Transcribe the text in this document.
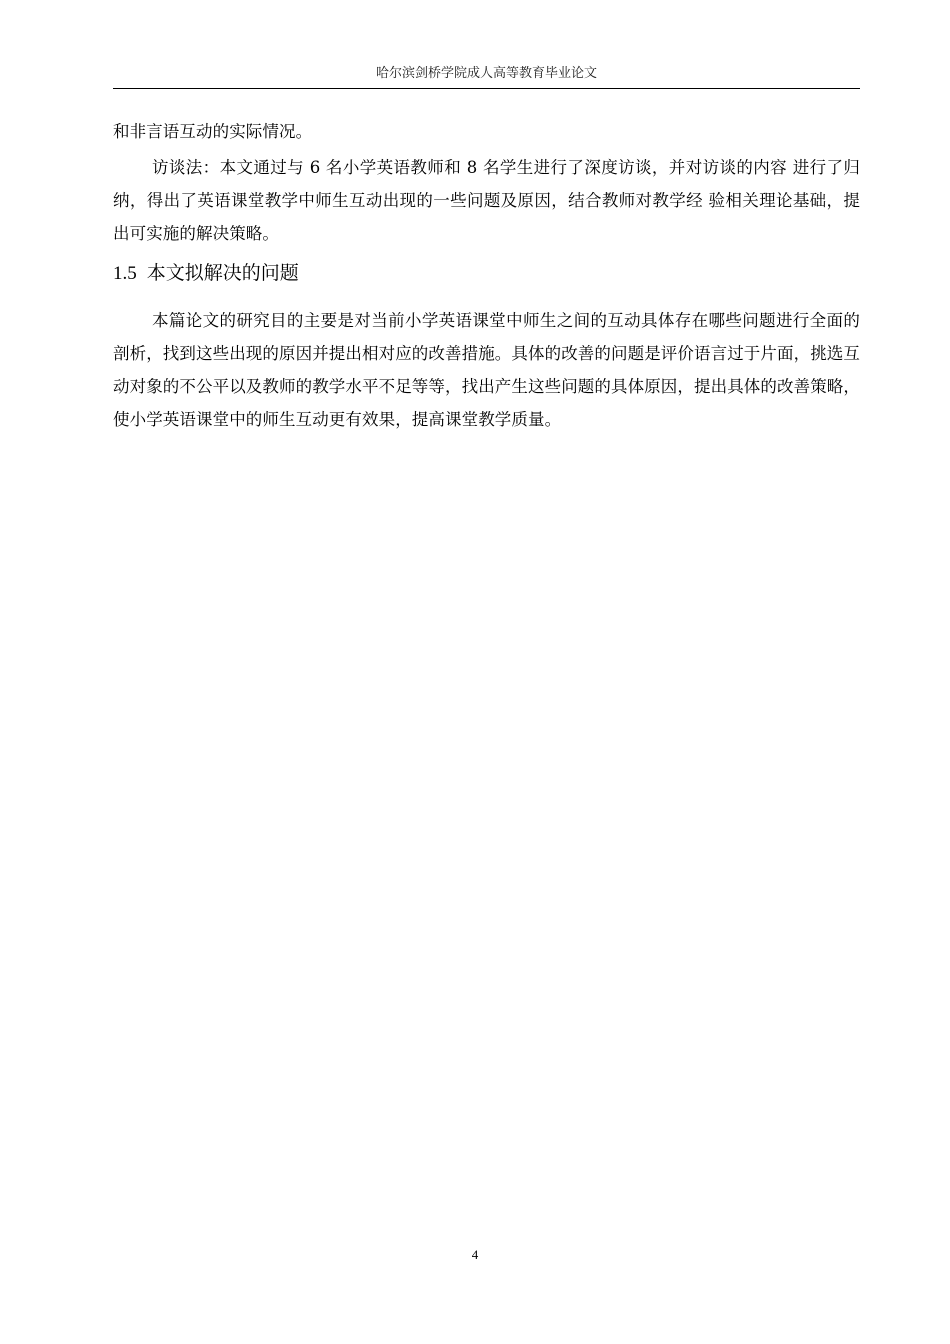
哈尔滨剑桥学院成人高等教育毕业论文

和非言语互动的实际情况。

访谈法：本文通过与 6 名小学英语教师和 8 名学生进行了深度访谈，并对访谈的内容 进行了归纳，得出了英语课堂教学中师生互动出现的一些问题及原因，结合教师对教学经 验相关理论基础，提出可实施的解决策略。

1.5 本文拟解决的问题

本篇论文的研究目的主要是对当前小学英语课堂中师生之间的互动具体存在哪些问题进行全面的剖析，找到这些出现的原因并提出相对应的改善措施。具体的改善的问题是评价语言过于片面，挑选互动对象的不公平以及教师的教学水平不足等等，找出产生这些问题的具体原因，提出具体的改善策略，使小学英语课堂中的师生互动更有效果，提高课堂教学质量。

4
